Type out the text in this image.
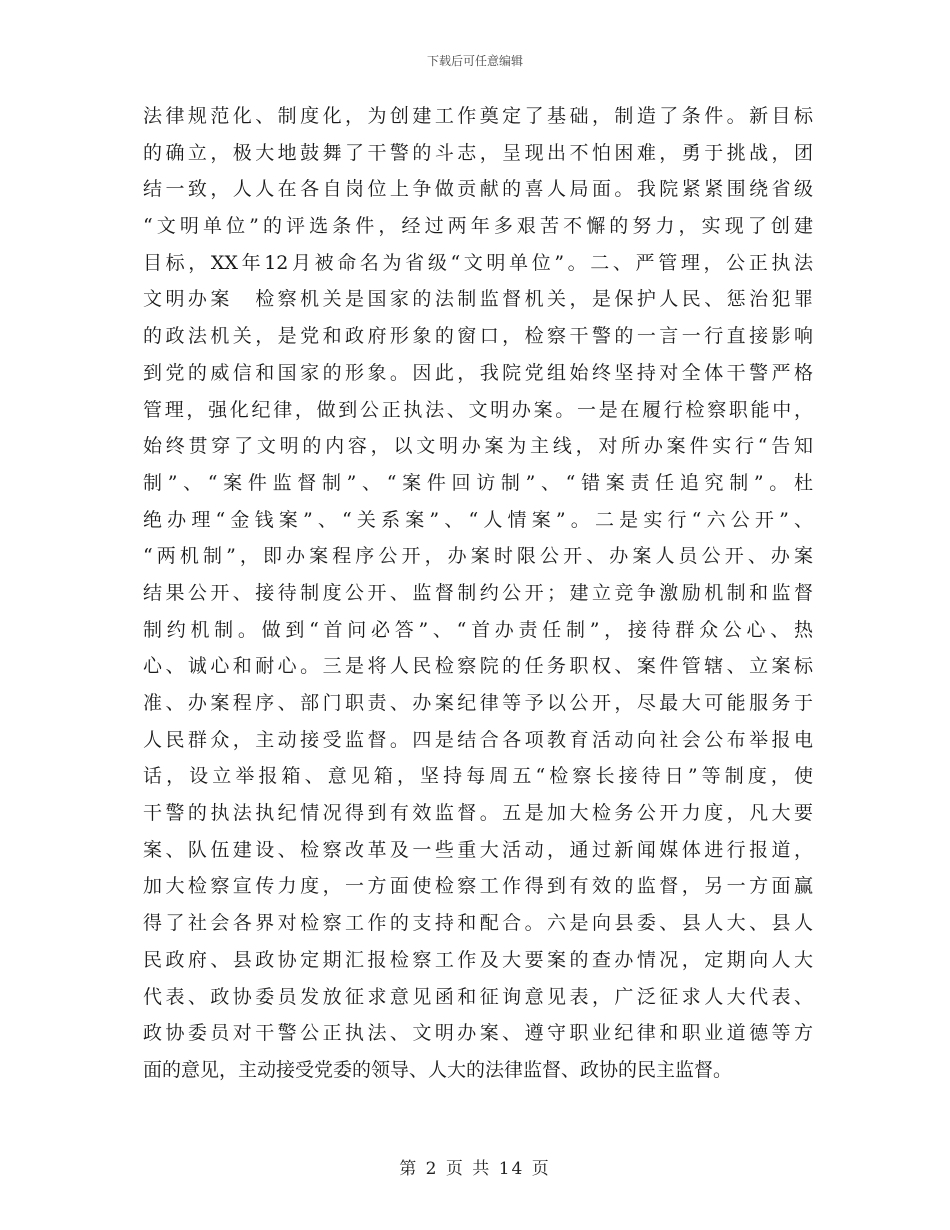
下载后可任意编辑
法律规范化、制度化，为创建工作奠定了基础，制造了条件。新目标
的确立，极大地鼓舞了干警的斗志，呈现出不怕困难，勇于挑战，团
结一致，人人在各自岗位上争做贡献的喜人局面。我院紧紧围绕省级
“文明单位”的评选条件，经过两年多艰苦不懈的努力，实现了创建
目标，XX年12月被命名为省级“文明单位”。二、严管理，公正执法
文明办案　检察机关是国家的法制监督机关，是保护人民、惩治犯罪
的政法机关，是党和政府形象的窗口，检察干警的一言一行直接影响
到党的威信和国家的形象。因此，我院党组始终坚持对全体干警严格
管理，强化纪律，做到公正执法、文明办案。一是在履行检察职能中，
始终贯穿了文明的内容，以文明办案为主线，对所办案件实行“告知
制”、“案件监督制”、“案件回访制”、“错案责任追究制”。杜
绝办理“金钱案”、“关系案”、“人情案”。二是实行“六公开”、
“两机制”，即办案程序公开，办案时限公开、办案人员公开、办案
结果公开、接待制度公开、监督制约公开；建立竞争激励机制和监督
制约机制。做到“首问必答”、“首办责任制”，接待群众公心、热
心、诚心和耐心。三是将人民检察院的任务职权、案件管辖、立案标
准、办案程序、部门职责、办案纪律等予以公开，尽最大可能服务于
人民群众，主动接受监督。四是结合各项教育活动向社会公布举报电
话，设立举报箱、意见箱，坚持每周五“检察长接待日”等制度，使
干警的执法执纪情况得到有效监督。五是加大检务公开力度，凡大要
案、队伍建设、检察改革及一些重大活动，通过新闻媒体进行报道，
加大检察宣传力度，一方面使检察工作得到有效的监督，另一方面赢
得了社会各界对检察工作的支持和配合。六是向县委、县人大、县人
民政府、县政协定期汇报检察工作及大要案的查办情况，定期向人大
代表、政协委员发放征求意见函和征询意见表，广泛征求人大代表、
政协委员对干警公正执法、文明办案、遵守职业纪律和职业道德等方
面的意见，主动接受党委的领导、人大的法律监督、政协的民主监督。
第 2 页 共 14 页
